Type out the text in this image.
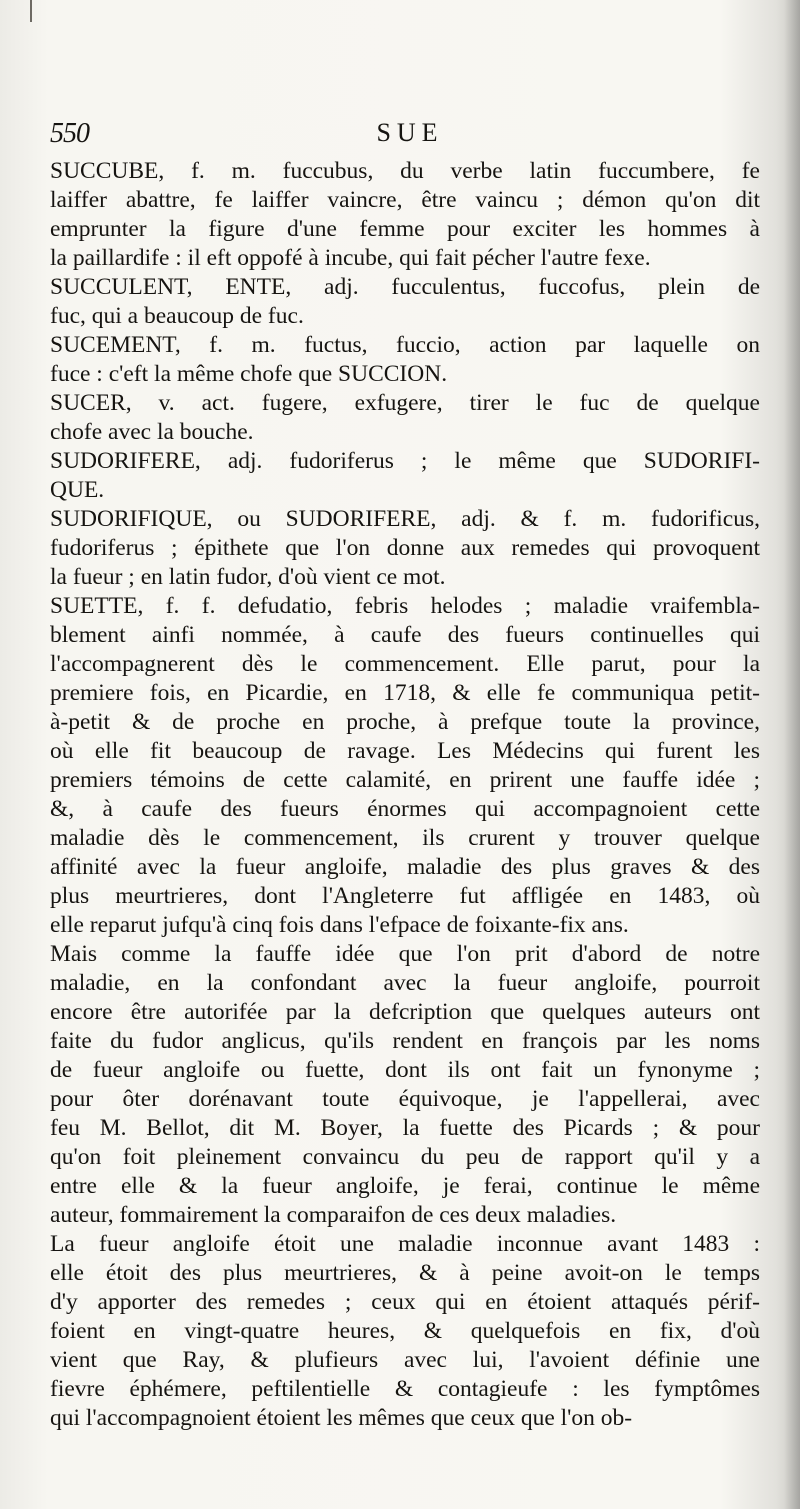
550	SUE
SUCCUBE, f. m. fuccubus, du verbe latin fuccumbere, fe
laiffer abattre, fe laiffer vaincre, être vaincu ; démon qu'on dit
emprunter la figure d'une femme pour exciter les hommes à
la paillardife : il eft oppofé à incube, qui fait pécher l'autre fexe.
SUCCULENT, ENTE, adj. fucculentus, fuccofus, plein de
fuc, qui a beaucoup de fuc.
SUCEMENT, f. m. fuctus, fuccio, action par laquelle on
fuce : c'eft la même chofe que SUCCION.
SUCER, v. act. fugere, exfugere, tirer le fuc de quelque
chofe avec la bouche.
SUDORIFERE, adj. fudoriferus ; le même que SUDORIFI-
QUE.
SUDORIFIQUE, ou SUDORIFERE, adj. & f. m. fudorificus,
fudoriferus ; épithete que l'on donne aux remedes qui provoquent
la fueur ; en latin fudor, d'où vient ce mot.
SUETTE, f. f. defudatio, febris helodes ; maladie vraifembla-
blement ainfi nommée, à caufe des fueurs continuelles qui
l'accompagnerent dès le commencement. Elle parut, pour la
premiere fois, en Picardie, en 1718, & elle fe communiqua petit-
à-petit & de proche en proche, à prefque toute la province,
où elle fit beaucoup de ravage. Les Médecins qui furent les
premiers témoins de cette calamité, en prirent une fauffe idée ;
&, à caufe des fueurs énormes qui accompagnoient cette
maladie dès le commencement, ils crurent y trouver quelque
affinité avec la fueur angloife, maladie des plus graves & des
plus meurtrieres, dont l'Angleterre fut affligée en 1483, où
elle reparut jufqu'à cinq fois dans l'efpace de foixante-fix ans.
Mais comme la fauffe idée que l'on prit d'abord de notre
maladie, en la confondant avec la fueur angloife, pourroit
encore être autorifée par la defcription que quelques auteurs ont
faite du fudor anglicus, qu'ils rendent en françois par les noms
de fueur angloife ou fuette, dont ils ont fait un fynonyme ;
pour ôter dorénavant toute équivoque, je l'appellerai, avec
feu M. Bellot, dit M. Boyer, la fuette des Picards ; & pour
qu'on foit pleinement convaincu du peu de rapport qu'il y a
entre elle & la fueur angloife, je ferai, continue le même
auteur, fommairement la comparaifon de ces deux maladies.
La fueur angloife étoit une maladie inconnue avant 1483 :
elle étoit des plus meurtrieres, & à peine avoit-on le temps
d'y apporter des remedes ; ceux qui en étoient attaqués périf-
foient en vingt-quatre heures, & quelquefois en fix, d'où
vient que Ray, & plufieurs avec lui, l'avoient définie une
fievre éphémere, peftilentielle & contagieufe : les fymptômes
qui l'accompagnoient étoient les mêmes que ceux que l'on ob-
